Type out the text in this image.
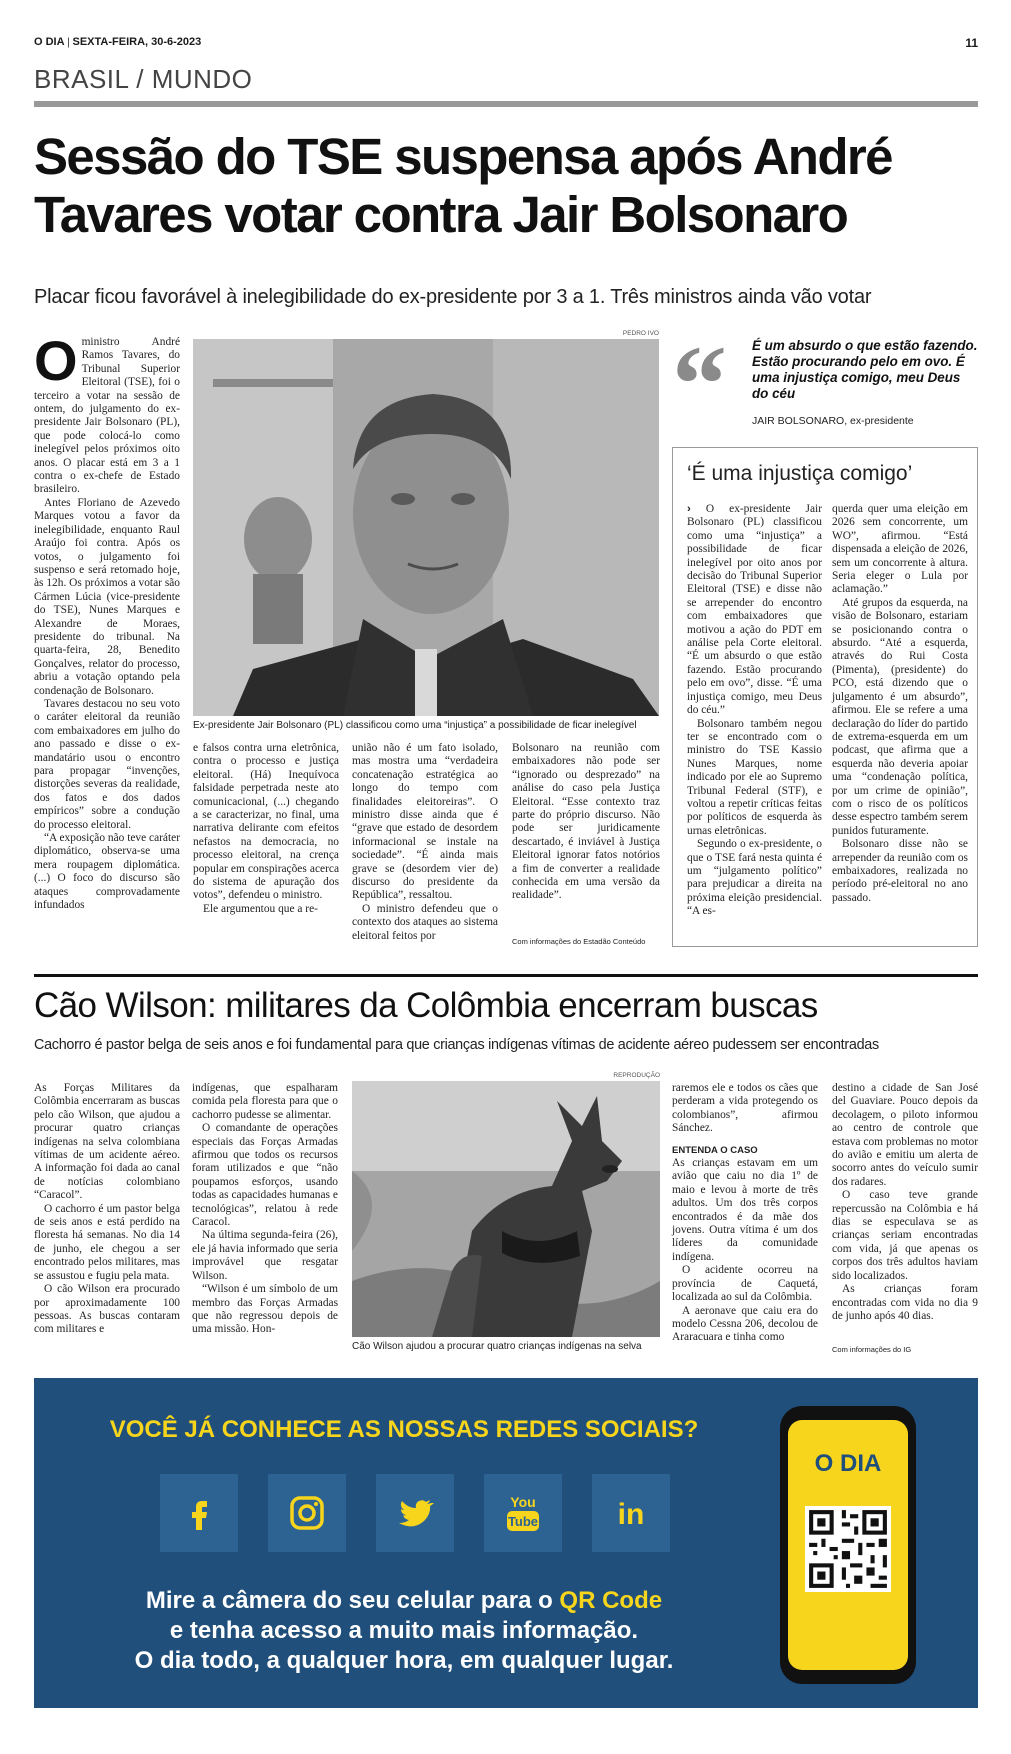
O DIA | SEXTA-FEIRA, 30-6-2023	11
BRASIL / MUNDO
Sessão do TSE suspensa após André Tavares votar contra Jair Bolsonaro
Placar ficou favorável à inelegibilidade do ex-presidente por 3 a 1. Três ministros ainda vão votar
O ministro André Ramos Tavares, do Tribunal Superior Eleitoral (TSE), foi o terceiro a votar na sessão de ontem, do julgamento do ex-presidente Jair Bolsonaro (PL), que pode colocá-lo como inelegível pelos próximos oito anos. O placar está em 3 a 1 contra o ex-chefe de Estado brasileiro.

Antes Floriano de Azevedo Marques votou a favor da inelegibilidade, enquanto Raul Araújo foi contra. Após os votos, o julgamento foi suspenso e será retomado hoje, às 12h. Os próximos a votar são Cármen Lúcia (vice-presidente do TSE), Nunes Marques e Alexandre de Moraes, presidente do tribunal. Na quarta-feira, 28, Benedito Gonçalves, relator do processo, abriu a votação optando pela condenação de Bolsonaro.

Tavares destacou no seu voto o caráter eleitoral da reunião com embaixadores em julho do ano passado e disse o ex-mandatário usou o encontro para propagar “invenções, distorções severas da realidade, dos fatos e dos dados empíricos” sobre a condução do processo eleitoral.

“A exposição não teve caráter diplomático, observa-se uma mera roupagem diplomática. (...) O foco do discurso são ataques comprovadamente infundados

PEDRO IVO
Ex-presidente Jair Bolsonaro (PL) classificou como uma “injustiça” a possibilidade de ficar inelegível

e falsos contra urna eletrônica, contra o processo e justiça eleitoral. (Há) Inequívoca falsidade perpetrada neste ato comunicacional, (...) chegando a se caracterizar, no final, uma narrativa delirante com efeitos nefastos na democracia, no processo eleitoral, na crença popular em conspirações acerca do sistema de apuração dos votos”, defendeu o ministro.

Ele argumentou que a re-

união não é um fato isolado, mas mostra uma “verdadeira concatenação estratégica ao longo do tempo com finalidades eleitoreiras”. O ministro disse ainda que é “grave que estado de desordem informacional se instale na sociedade”. “É ainda mais grave se (desordem vier de) discurso do presidente da República”, ressaltou.

O ministro defendeu que o contexto dos ataques ao sistema eleitoral feitos por

Bolsonaro na reunião com embaixadores não pode ser “ignorado ou desprezado” na análise do caso pela Justiça Eleitoral. “Esse contexto traz parte do próprio discurso. Não pode ser juridicamente descartado, é inviável à Justiça Eleitoral ignorar fatos notórios a fim de converter a realidade conhecida em uma versão da realidade”.

Com informações do Estadão Conteúdo
“ É um absurdo o que estão fazendo. Estão procurando pelo em ovo. É uma injustiça comigo, meu Deus do céu
JAIR BOLSONARO, ex-presidente
‘É uma injustiça comigo’

› O ex-presidente Jair Bolsonaro (PL) classificou como uma “injustiça” a possibilidade de ficar inelegível por oito anos por decisão do Tribunal Superior Eleitoral (TSE) e disse não se arrepender do encontro com embaixadores que motivou a ação do PDT em análise pela Corte eleitoral. “É um absurdo o que estão fazendo. Estão procurando pelo em ovo”, disse. “É uma injustiça comigo, meu Deus do céu.”

Bolsonaro também negou ter se encontrado com o ministro do TSE Kassio Nunes Marques, nome indicado por ele ao Supremo Tribunal Federal (STF), e voltou a repetir críticas feitas por políticos de esquerda às urnas eletrônicas.

Segundo o ex-presidente, o que o TSE fará nesta quinta é um “julgamento político” para prejudicar a direita na próxima eleição presidencial. “A es-

querda quer uma eleição em 2026 sem concorrente, um WO”, afirmou. “Está dispensada a eleição de 2026, sem um concorrente à altura. Seria eleger o Lula por aclamação.”

Até grupos da esquerda, na visão de Bolsonaro, estariam se posicionando contra o absurdo. “Até a esquerda, através do Rui Costa (Pimenta), (presidente) do PCO, está dizendo que o julgamento é um absurdo”, afirmou. Ele se refere a uma declaração do líder do partido de extrema-esquerda em um podcast, que afirma que a esquerda não deveria apoiar uma “condenação política, por um crime de opinião”, com o risco de os políticos desse espectro também serem punidos futuramente.

Bolsonaro disse não se arrepender da reunião com os embaixadores, realizada no período pré-eleitoral no ano passado.

Cão Wilson: militares da Colômbia encerram buscas
Cachorro é pastor belga de seis anos e foi fundamental para que crianças indígenas vítimas de acidente aéreo pudessem ser encontradas

As Forças Militares da Colômbia encerraram as buscas pelo cão Wilson, que ajudou a procurar quatro crianças indígenas na selva colombiana vítimas de um acidente aéreo. A informação foi dada ao canal de notícias colombiano “Caracol”.

O cachorro é um pastor belga de seis anos e está perdido na floresta há semanas. No dia 14 de junho, ele chegou a ser encontrado pelos militares, mas se assustou e fugiu pela mata.

O cão Wilson era procurado por aproximadamente 100 pessoas. As buscas contaram com militares e

indígenas, que espalharam comida pela floresta para que o cachorro pudesse se alimentar.

O comandante de operações especiais das Forças Armadas afirmou que todos os recursos foram utilizados e que “não poupamos esforços, usando todas as capacidades humanas e tecnológicas”, relatou à rede Caracol.

Na última segunda-feira (26), ele já havia informado que seria improvável que resgatar Wilson.

“Wilson é um símbolo de um membro das Forças Armadas que não regressou depois de uma missão. Hon-

REPRODUÇÃO
Cão Wilson ajudou a procurar quatro crianças indígenas na selva

raremos ele e todos os cães que perderam a vida protegendo os colombianos”, afirmou Sánchez.

ENTENDA O CASO

As crianças estavam em um avião que caiu no dia 1º de maio e levou à morte de três adultos. Um dos três corpos encontrados é da mãe dos jovens. Outra vítima é um dos líderes da comunidade indígena.

O acidente ocorreu na província de Caquetá, localizada ao sul da Colômbia.

A aeronave que caiu era do modelo Cessna 206, decolou de Araracuara e tinha como

destino a cidade de San José del Guaviare. Pouco depois da decolagem, o piloto informou ao centro de controle que estava com problemas no motor do avião e emitiu um alerta de socorro antes do veículo sumir dos radares.

O caso teve grande repercussão na Colômbia e há dias se especulava se as crianças seriam encontradas com vida, já que apenas os corpos dos três adultos haviam sido localizados.

As crianças foram encontradas com vida no dia 9 de junho após 40 dias.

Com informações do IG
VOCÊ JÁ CONHECE AS NOSSAS REDES SOCIAIS?
You
Tube	in
Mire a câmera do seu celular para o QR Code
e tenha acesso a muito mais informação.
O dia todo, a qualquer hora, em qualquer lugar.
O DIA
